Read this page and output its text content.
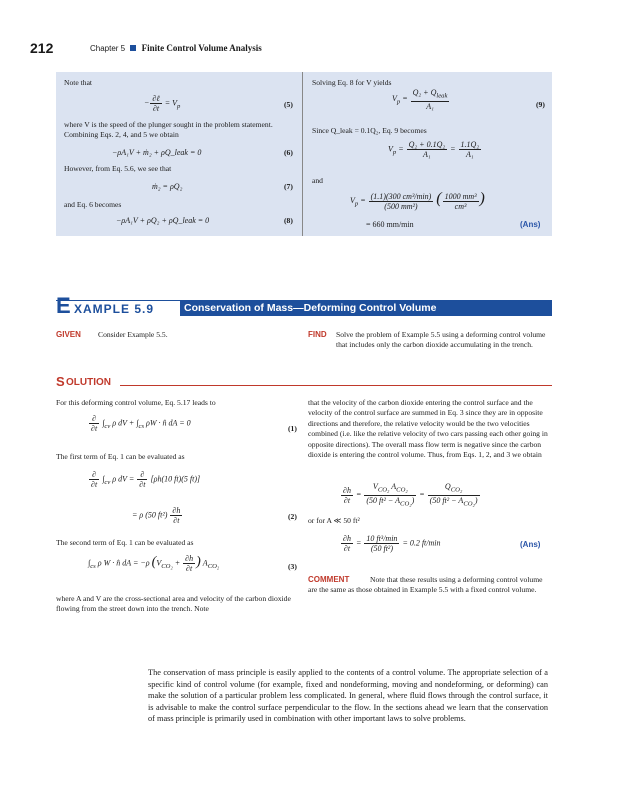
212	Chapter 5 Finite Control Volume Analysis
Note that
− $\frac{\text{∂ℓ}}{\partial t} = V_p$	(5)
where V is the speed of the plunger sought in the problem statement. Combining Eqs. 2, 4, and 5 we obtain
−ρA₁V + ṁ₂ + ρQ_leak = 0	(6)
However, from Eq. 5.6, we see that
ṁ₂ = ρQ₂	(7)
and Eq. 6 becomes
−ρA₁V + ρQ₂ + ρQ_leak = 0	(8)
Solving Eq. 8 for V yields
$V_p = \frac{Q_2 + Q_{leak}}{\text{A₁}}$	(9)
Since Q_leak = 0.1Q₂, Eq. 9 becomes
$V_p = \frac{\text{Q₂ + 0.1Q₂}}{\text{A₁}} = \frac{\text{1.1Q₂}}{\text{A₁}}$
and
$V_p = \frac{\text{(1.1)(300 cm³/min)}}{\text{(500 mm²)}}$ ( $\frac{\text{1000 mm³}}{\text{cm³}}$ )
= 660 mm/min	(Ans)
E XAMPLE 5.9	Conservation of Mass—Deforming Control Volume
GIVEN Consider Example 5.5.	FIND Solve the problem of Example 5.5 using a deforming control volume that includes only the carbon dioxide accumulating in the trench.
S OLUTION
For this deforming control volume, Eq. 5.17 leads to
$\frac{\partial}{\partial t} \int_{cv}$ ρ dV + $\int_{cs}$ ρW · n̂ dA = 0
(1)
The first term of Eq. 1 can be evaluated as
$\frac{\partial}{\partial t} \int_{cv}$ ρ dV = $\frac{\partial}{\partial t} [\rho h(10$ ft)(5 ft)]
= ρ (50 $ft^2) \frac{\partial h}{\partial t}$	(2)
The second term of Eq. 1 can be evaluated as
$\int_{cs}$ ρ W · n̂ dA = −ρ ($V_{CO_2} + \frac{\partial h}{\partial t}$ ) $A_{CO_2}$	(3)
where A and V are the cross-sectional area and velocity of the carbon dioxide flowing from the street down into the trench. Note
that the velocity of the carbon dioxide entering the control surface and the velocity of the control surface are summed in Eq. 3 since they are in opposite directions and therefore, the relative velocity would be the two velocities combined (i.e. like the relative velocity of two cars passing each other going in opposite directions). The overall mass flow term is negative since the carbon dioxide is entering the control volume. Thus, from Eqs. 1, 2, and 3 we obtain
$\frac{\partial h}{\partial t} = \frac{V_{CO_2} A_{CO_2}}{(50 ft^2 - A_{CO_2})} = \frac{Q_{CO_2}}{(50 ft^2 - A_{CO_2})}$
or for A ≪ 50 ft²
$\frac{\partial h}{\partial t} = \frac{\text{10 ft³/min}}{\text{(50 ft²)}} = 0.2$ ft/min	(Ans)
COMMENT	Note that these results using a deforming control volume are the same as those obtained in Example 5.5 with a fixed control volume.
The conservation of mass principle is easily applied to the contents of a control volume. The appropriate selection of a specific kind of control volume (for example, fixed and nondeforming, moving and nondeforming, or deforming) can make the solution of a particular problem less complicated. In general, where fluid flows through the control surface, it is advisable to make the control surface perpendicular to the flow. In the sections ahead we learn that the conservation of mass principle is primarily used in combination with other important laws to solve problems.
